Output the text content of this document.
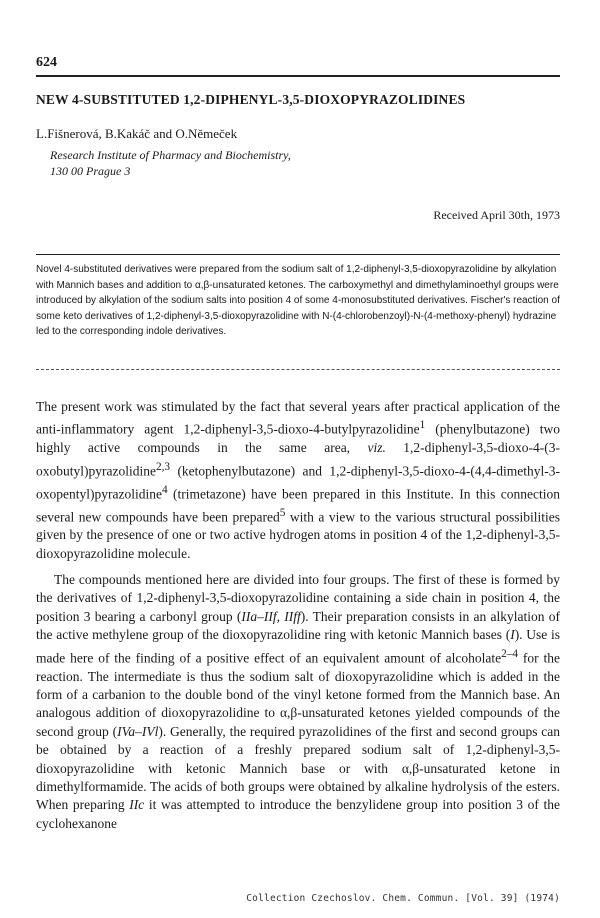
624
NEW 4-SUBSTITUTED 1,2-DIPHENYL-3,5-DIOXOPYRAZOLIDINES
L.Fišnerová, B.Kakáč and O.Němeček
Research Institute of Pharmacy and Biochemistry,
130 00 Prague 3
Received April 30th, 1973
Novel 4-substituted derivatives were prepared from the sodium salt of 1,2-diphenyl-3,5-dioxopyrazolidine by alkylation with Mannich bases and addition to α,β-unsaturated ketones. The carboxymethyl and dimethylaminoethyl groups were introduced by alkylation of the sodium salts into position 4 of some 4-monosubstituted derivatives. Fischer's reaction of some keto derivatives of 1,2-diphenyl-3,5-dioxopyrazolidine with N-(4-chlorobenzoyl)-N-(4-methoxy-phenyl) hydrazine led to the corresponding indole derivatives.

The present work was stimulated by the fact that several years after practical application of the anti-inflammatory agent 1,2-diphenyl-3,5-dioxo-4-butylpyrazolidine$^1$ (phenylbutazone) two highly active compounds in the same area, viz. 1,2-diphenyl-3,5-dioxo-4-(3-oxobutyl)pyrazolidine$^{2,3}$ (ketophenylbutazone) and 1,2-diphenyl-3,5-dioxo-4-(4,4-dimethyl-3-oxopentyl)pyrazolidine$^4$ (trimetazone) have been prepared in this Institute. In this connection several new compounds have been prepared$^5$ with a view to the various structural possibilities given by the presence of one or two active hydrogen atoms in position 4 of the 1,2-diphenyl-3,5-dioxopyrazolidine molecule.

The compounds mentioned here are divided into four groups. The first of these is formed by the derivatives of 1,2-diphenyl-3,5-dioxopyrazolidine containing a side chain in position 4, the position 3 bearing a carbonyl group (IIa–IIf, IIff). Their preparation consists in an alkylation of the active methylene group of the dioxopyrazolidine ring with ketonic Mannich bases (I). Use is made here of the finding of a positive effect of an equivalent amount of alcoholate$^{2-4}$ for the reaction. The intermediate is thus the sodium salt of dioxopyrazolidine which is added in the form of a carbanion to the double bond of the vinyl ketone formed from the Mannich base. An analogous addition of dioxopyrazolidine to α,β-unsaturated ketones yielded compounds of the second group (IVa–IVl). Generally, the required pyrazolidines of the first and second groups can be obtained by a reaction of a freshly prepared sodium salt of 1,2-diphenyl-3,5-dioxopyrazolidine with ketonic Mannich base or with α,β-unsaturated ketone in dimethylformamide. The acids of both groups were obtained by alkaline hydrolysis of the esters. When preparing IIc it was attempted to introduce the benzylidene group into position 3 of the cyclohexanone

Collection Czechoslov. Chem. Commun. [Vol. 39] (1974)
